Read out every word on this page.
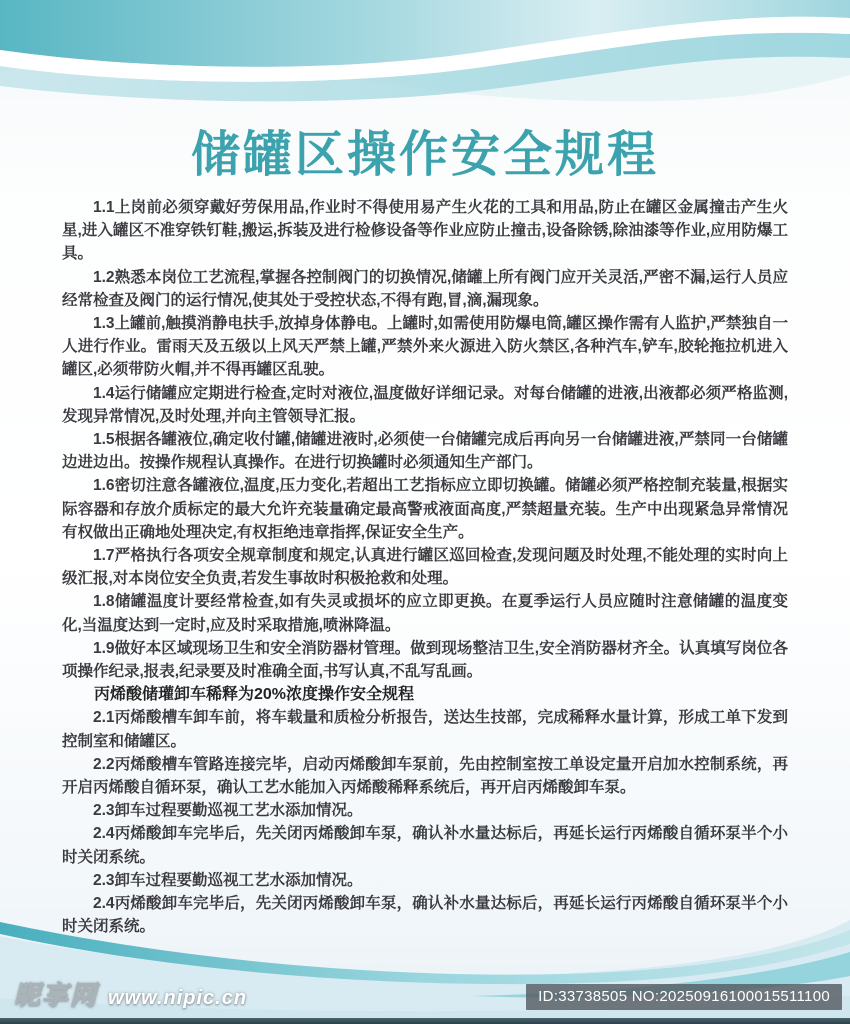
储罐区操作安全规程

1.1上岗前必须穿戴好劳保用品,作业时不得使用易产生火花的工具和用品,防止在罐区金属撞击产生火星,进入罐区不准穿铁钉鞋,搬运,拆装及进行检修设备等作业应防止撞击,设备除锈,除油漆等作业,应用防爆工具。

1.2熟悉本岗位工艺流程,掌握各控制阀门的切换情况,储罐上所有阀门应开关灵活,严密不漏,运行人员应经常检查及阀门的运行情况,使其处于受控状态,不得有跑,冒,滴,漏现象。

1.3上罐前,触摸消静电扶手,放掉身体静电。上罐时,如需使用防爆电筒,罐区操作需有人监护,严禁独自一人进行作业。雷雨天及五级以上风天严禁上罐,严禁外来火源进入防火禁区,各种汽车,铲车,胶轮拖拉机进入罐区,必须带防火帽,并不得再罐区乱驶。

1.4运行储罐应定期进行检查,定时对液位,温度做好详细记录。对每台储罐的进液,出液都必须严格监测,发现异常情况,及时处理,并向主管领导汇报。

1.5根据各罐液位,确定收付罐,储罐进液时,必须使一台储罐完成后再向另一台储罐进液,严禁同一台储罐边进边出。按操作规程认真操作。在进行切换罐时必须通知生产部门。

1.6密切注意各罐液位,温度,压力变化,若超出工艺指标应立即切换罐。储罐必须严格控制充装量,根据实际容器和存放介质标定的最大允许充装量确定最高警戒液面高度,严禁超量充装。生产中出现紧急异常情况有权做出正确地处理决定,有权拒绝违章指挥,保证安全生产。

1.7严格执行各项安全规章制度和规定,认真进行罐区巡回检查,发现问题及时处理,不能处理的实时向上级汇报,对本岗位安全负责,若发生事故时积极抢救和处理。

1.8储罐温度计要经常检查,如有失灵或损坏的应立即更换。在夏季运行人员应随时注意储罐的温度变化,当温度达到一定时,应及时采取措施,喷淋降温。

1.9做好本区域现场卫生和安全消防器材管理。做到现场整洁卫生,安全消防器材齐全。认真填写岗位各项操作纪录,报表,纪录要及时准确全面,书写认真,不乱写乱画。

丙烯酸储瓘卸车稀释为20%浓度操作安全规程

2.1丙烯酸槽车卸车前，将车载量和质检分析报告，送达生技部，完成稀释水量计算，形成工单下发到控制室和储罐区。

2.2丙烯酸槽车管路连接完毕，启动丙烯酸卸车泵前，先由控制室按工单设定量开启加水控制系统，再开启丙烯酸自循环泵，确认工艺水能加入丙烯酸稀释系统后，再开启丙烯酸卸车泵。

2.3卸车过程要勤巡视工艺水添加情况。

2.4丙烯酸卸车完毕后，先关闭丙烯酸卸车泵，确认补水量达标后，再延长运行丙烯酸自循环泵半个小时关闭系统。

2.3卸车过程要勤巡视工艺水添加情况。

2.4丙烯酸卸车完毕后，先关闭丙烯酸卸车泵，确认补水量达标后，再延长运行丙烯酸自循环泵半个小时关闭系统。

昵享网 www.nipic.cn	ID:33738505 NO:20250916100015511100
